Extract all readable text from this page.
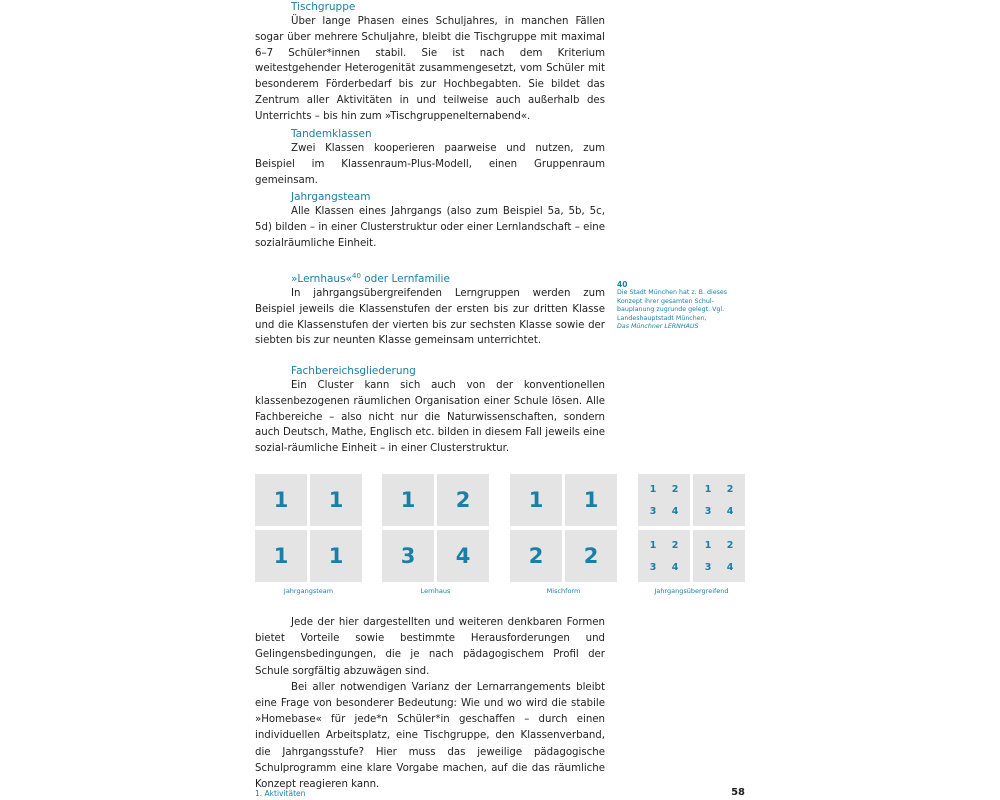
Tischgruppe

Über lange Phasen eines Schuljahres, in manchen Fällen sogar über mehrere Schuljahre, bleibt die Tischgruppe mit maximal 6–7 Schüler*innen stabil. Sie ist nach dem Kriterium weitestgehender Heterogenität zusammengesetzt, vom Schüler mit besonderem Förderbedarf bis zur Hochbegabten. Sie bildet das Zentrum aller Aktivitäten in und teilweise auch außerhalb des Unterrichts – bis hin zum »Tischgruppenelternabend«.

Tandemklassen

Zwei Klassen kooperieren paarweise und nutzen, zum Beispiel im Klassenraum-Plus-Modell, einen Gruppenraum gemeinsam.

Jahrgangsteam

Alle Klassen eines Jahrgangs (also zum Beispiel 5a, 5b, 5c, 5d) bilden – in einer Clusterstruktur oder einer Lernlandschaft – eine sozialräumliche Einheit.

»Lernhaus«$^{40}$ oder Lernfamilie

In jahrgangsübergreifenden Lerngruppen werden zum Beispiel jeweils die Klassenstufen der ersten bis zur dritten Klasse und die Klassenstufen der vierten bis zur sechsten Klasse sowie der siebten bis zur neunten Klasse gemeinsam unterrichtet.

Fachbereichsgliederung

Ein Cluster kann sich auch von der konventionellen klassenbezogenen räumlichen Organisation einer Schule lösen. Alle Fachbereiche – also nicht nur die Naturwissenschaften, sondern auch Deutsch, Mathe, Englisch etc. bilden in diesem Fall jeweils eine sozial-räumliche Einheit – in einer Clusterstruktur.

40
Die Stadt München hat z. B. dieses Konzept ihrer gesamten Schulbauplanung zugrunde gelegt. Vgl. Landeshauptstadt München,
Das Münchner LERNHAUS
1	1
1	1
Jahrgangsteam
1	2
3	4
Lernhaus
1	1
2	2
Mischform
1	2
3	4
1	2
3	4
1	2
3	4
1	2
3	4
Jahrgangsübergreifend

Jede der hier dargestellten und weiteren denkbaren Formen bietet Vorteile sowie bestimmte Herausforderungen und Gelingensbedingungen, die je nach pädagogischem Profil der Schule sorgfältig abzuwägen sind.

Bei aller notwendigen Varianz der Lernarrangements bleibt eine Frage von besonderer Bedeutung: Wie und wo wird die stabile »Homebase« für jede*n Schüler*in geschaffen – durch einen individuellen Arbeitsplatz, eine Tischgruppe, den Klassenverband, die Jahrgangsstufe? Hier muss das jeweilige pädagogische Schulprogramm eine klare Vorgabe machen, auf die das räumliche Konzept reagieren kann.

1. Aktivitäten	58
